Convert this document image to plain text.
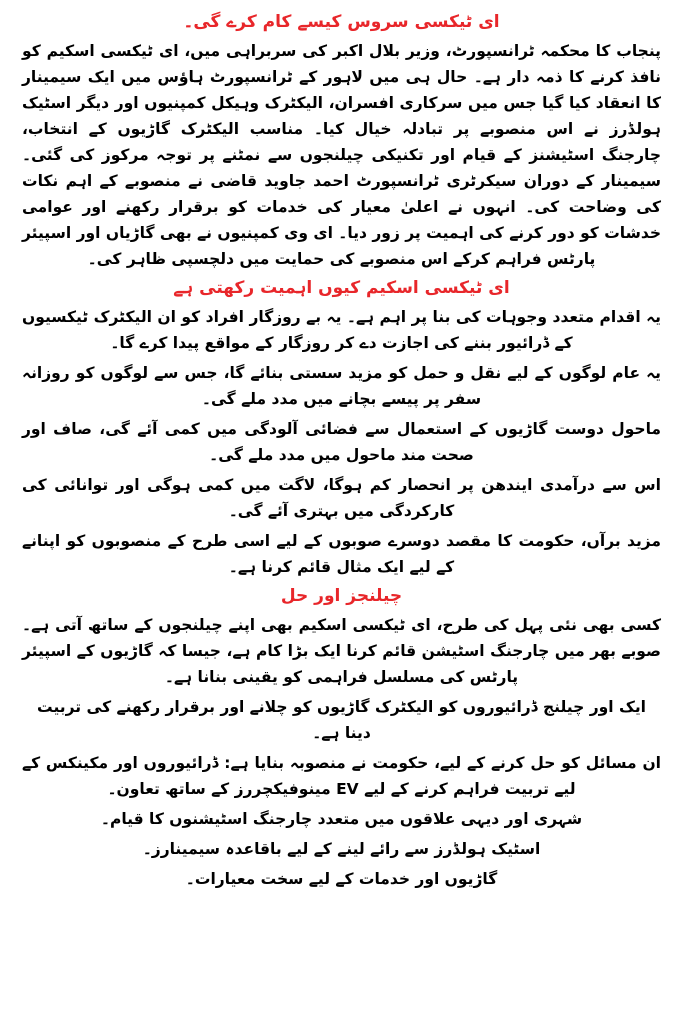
ای ٹیکسی سروس کیسے کام کرے گی۔

پنجاب کا محکمہ ٹرانسپورٹ، وزیر بلال اکبر کی سربراہی میں، ای ٹیکسی اسکیم کو نافذ کرنے کا ذمہ دار ہے۔ حال ہی میں لاہور کے ٹرانسپورٹ ہاؤس میں ایک سیمینار کا انعقاد کیا گیا جس میں سرکاری افسران، الیکٹرک وہیکل کمپنیوں اور دیگر اسٹیک ہولڈرز نے اس منصوبے پر تبادلہ خیال کیا۔ مناسب الیکٹرک گاڑیوں کے انتخاب، چارجنگ اسٹیشنز کے قیام اور تکنیکی چیلنجوں سے نمٹنے پر توجہ مرکوز کی گئی۔ سیمینار کے دوران سیکرٹری ٹرانسپورٹ احمد جاوید قاضی نے منصوبے کے اہم نکات کی وضاحت کی۔ انہوں نے اعلیٰ معیار کی خدمات کو برقرار رکھنے اور عوامی خدشات کو دور کرنے کی اہمیت پر زور دیا۔ ای وی کمپنیوں نے بھی گاڑیاں اور اسپیئر پارٹس فراہم کرکے اس منصوبے کی حمایت میں دلچسپی ظاہر کی۔

ای ٹیکسی اسکیم کیوں اہمیت رکھتی ہے

یہ اقدام متعدد وجوہات کی بنا پر اہم ہے۔ یہ بے روزگار افراد کو ان الیکٹرک ٹیکسیوں کے ڈرائیور بننے کی اجازت دے کر روزگار کے مواقع پیدا کرے گا۔

یہ عام لوگوں کے لیے نقل و حمل کو مزید سستی بنائے گا، جس سے لوگوں کو روزانہ سفر پر پیسے بچانے میں مدد ملے گی۔

ماحول دوست گاڑیوں کے استعمال سے فضائی آلودگی میں کمی آئے گی، صاف اور صحت مند ماحول میں مدد ملے گی۔

اس سے درآمدی ایندھن پر انحصار کم ہوگا، لاگت میں کمی ہوگی اور توانائی کی کارکردگی میں بہتری آئے گی۔

مزید برآں، حکومت کا مقصد دوسرے صوبوں کے لیے اسی طرح کے منصوبوں کو اپنانے کے لیے ایک مثال قائم کرنا ہے۔

چیلنجز اور حل

کسی بھی نئی پہل کی طرح، ای ٹیکسی اسکیم بھی اپنے چیلنجوں کے ساتھ آتی ہے۔ صوبے بھر میں چارجنگ اسٹیشن قائم کرنا ایک بڑا کام ہے، جیسا کہ گاڑیوں کے اسپیئر پارٹس کی مسلسل فراہمی کو یقینی بنانا ہے۔

ایک اور چیلنج ڈرائیوروں کو الیکٹرک گاڑیوں کو چلانے اور برقرار رکھنے کی تربیت دینا ہے۔

ان مسائل کو حل کرنے کے لیے، حکومت نے منصوبہ بنایا ہے: ڈرائیوروں اور مکینکس کے لیے تربیت فراہم کرنے کے لیے EV مینوفیکچررز کے ساتھ تعاون۔

شہری اور دیہی علاقوں میں متعدد چارجنگ اسٹیشنوں کا قیام۔

اسٹیک ہولڈرز سے رائے لینے کے لیے باقاعدہ سیمینارز۔

گاڑیوں اور خدمات کے لیے سخت معیارات۔
